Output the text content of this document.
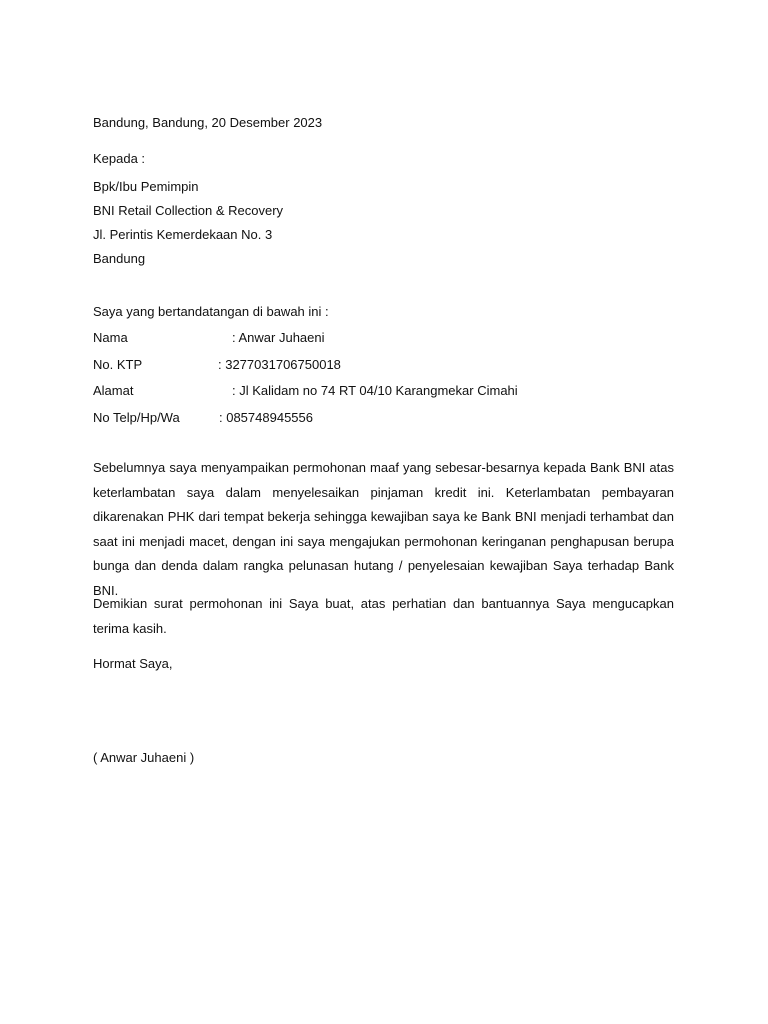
Bandung, Bandung, 20 Desember 2023
Kepada :
Bpk/Ibu Pemimpin
BNI Retail Collection & Recovery
Jl. Perintis Kemerdekaan No. 3
Bandung
Saya yang bertandatangan di bawah ini :
Nama	: Anwar Juhaeni
No. KTP	: 3277031706750018
Alamat	: Jl Kalidam no 74 RT 04/10 Karangmekar Cimahi
No Telp/Hp/Wa	: 085748945556
Sebelumnya saya menyampaikan permohonan maaf yang sebesar-besarnya kepada Bank BNI atas keterlambatan saya dalam menyelesaikan pinjaman kredit ini. Keterlambatan pembayaran dikarenakan PHK dari tempat bekerja sehingga kewajiban saya ke Bank BNI menjadi terhambat dan saat ini menjadi macet, dengan ini saya mengajukan permohonan keringanan penghapusan berupa bunga dan denda dalam rangka pelunasan hutang / penyelesaian kewajiban Saya terhadap Bank BNI.
Demikian surat permohonan ini Saya buat, atas perhatian dan bantuannya Saya mengucapkan terima kasih.
Hormat Saya,
( Anwar Juhaeni )
